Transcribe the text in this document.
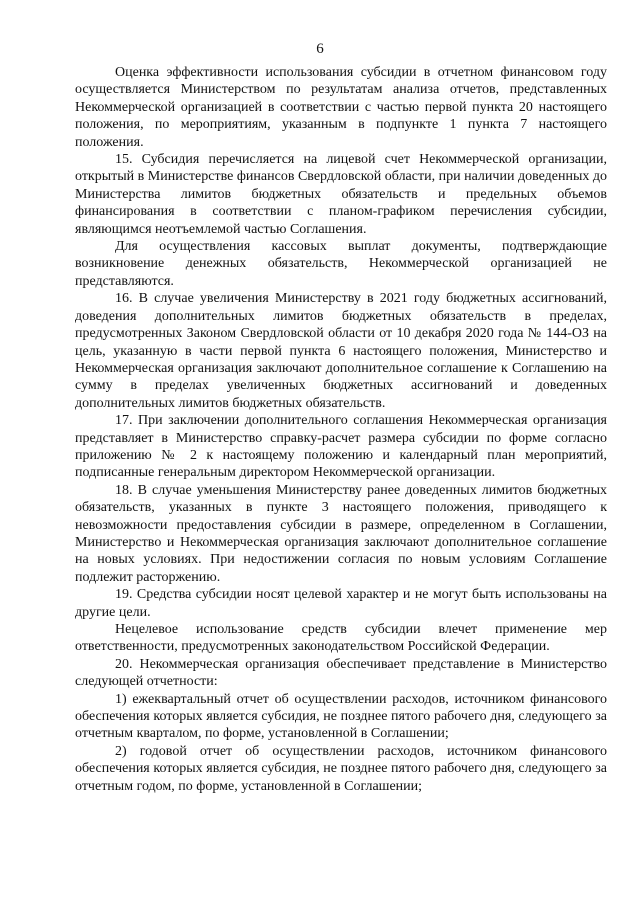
6

Оценка эффективности использования субсидии в отчетном финансовом году осуществляется Министерством по результатам анализа отчетов, представленных Некоммерческой организацией в соответствии с частью первой пункта 20 настоящего положения, по мероприятиям, указанным в подпункте 1 пункта 7 настоящего положения.

15. Субсидия перечисляется на лицевой счет Некоммерческой организации, открытый в Министерстве финансов Свердловской области, при наличии доведенных до Министерства лимитов бюджетных обязательств и предельных объемов финансирования в соответствии с планом-графиком перечисления субсидии, являющимся неотъемлемой частью Соглашения.

Для осуществления кассовых выплат документы, подтверждающие возникновение денежных обязательств, Некоммерческой организацией не представляются.

16. В случае увеличения Министерству в 2021 году бюджетных ассигнований, доведения дополнительных лимитов бюджетных обязательств в пределах, предусмотренных Законом Свердловской области от 10 декабря 2020 года № 144-ОЗ на цель, указанную в части первой пункта 6 настоящего положения, Министерство и Некоммерческая организация заключают дополнительное соглашение к Соглашению на сумму в пределах увеличенных бюджетных ассигнований и доведенных дополнительных лимитов бюджетных обязательств.

17. При заключении дополнительного соглашения Некоммерческая организация представляет в Министерство справку-расчет размера субсидии по форме согласно приложению № 2 к настоящему положению и календарный план мероприятий, подписанные генеральным директором Некоммерческой организации.

18. В случае уменьшения Министерству ранее доведенных лимитов бюджетных обязательств, указанных в пункте 3 настоящего положения, приводящего к невозможности предоставления субсидии в размере, определенном в Соглашении, Министерство и Некоммерческая организация заключают дополнительное соглашение на новых условиях. При недостижении согласия по новым условиям Соглашение подлежит расторжению.

19. Средства субсидии носят целевой характер и не могут быть использованы на другие цели.

Нецелевое использование средств субсидии влечет применение мер ответственности, предусмотренных законодательством Российской Федерации.

20. Некоммерческая организация обеспечивает представление в Министерство следующей отчетности:

1) ежеквартальный отчет об осуществлении расходов, источником финансового обеспечения которых является субсидия, не позднее пятого рабочего дня, следующего за отчетным кварталом, по форме, установленной в Соглашении;

2) годовой отчет об осуществлении расходов, источником финансового обеспечения которых является субсидия, не позднее пятого рабочего дня, следующего за отчетным годом, по форме, установленной в Соглашении;
